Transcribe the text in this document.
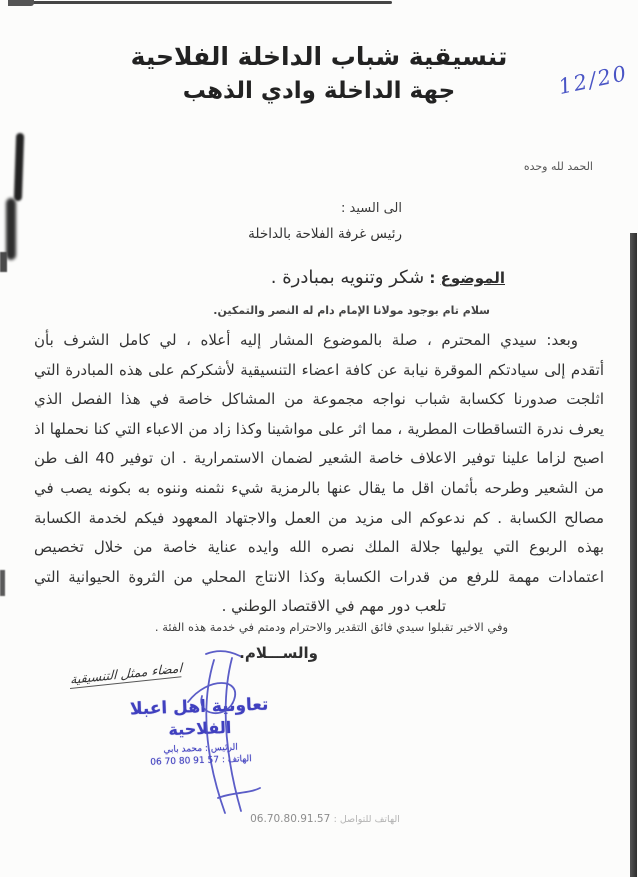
12/20
تنسيقية شباب الداخلة الفلاحية
جهة الداخلة وادي الذهب
الحمد لله وحده
الى السيد :
رئيس غرفة الفلاحة بالداخلة
الموضوع : شكر وتنويه بمبادرة .
سلام تام بوجود مولانا الإمام دام له النصر والتمكين.
وبعد: سيدي المحترم ، صلة بالموضوع المشار إليه أعلاه ، لي كامل الشرف بأن
أتقدم إلى سيادتكم الموقرة نيابة عن كافة اعضاء التنسيقية لأشكركم على هذه المبادرة التي
اثلجت صدورنا ككسابة شباب نواجه مجموعة من المشاكل خاصة في هذا الفصل الذي
يعرف ندرة التساقطات المطرية ، مما اثر على مواشينا وكذا زاد من الاعباء التي كنا نحملها اذ
اصبح لزاما علينا توفير الاعلاف خاصة الشعير لضمان الاستمرارية . ان توفير 40 الف طن
من الشعير وطرحه بأثمان اقل ما يقال عنها بالرمزية شيء نثمنه وننوه به بكونه يصب في
مصالح الكسابة . كم ندعوكم الى مزيد من العمل والاجتهاد المعهود فيكم لخدمة الكسابة
بهذه الربوع التي يوليها جلالة الملك نصره الله وايده عناية خاصة من خلال تخصيص
اعتمادات مهمة للرفع من قدرات الكسابة وكذا الانتاج المحلي من الثروة الحيوانية التي
تلعب دور مهم في الاقتصاد الوطني .
وفي الاخير تقبلوا سيدي فائق التقدير والاحترام ودمتم في خدمة هذه الفئة .
والســـلام.
امضاء ممثل التنسيقية
تعاونية اهل اعبلا
الفلاحية
الرئيس : محمد بابي
الهاتف : 06 70 80 91 57
الهاتف للتواصل : 06.70.80.91.57
